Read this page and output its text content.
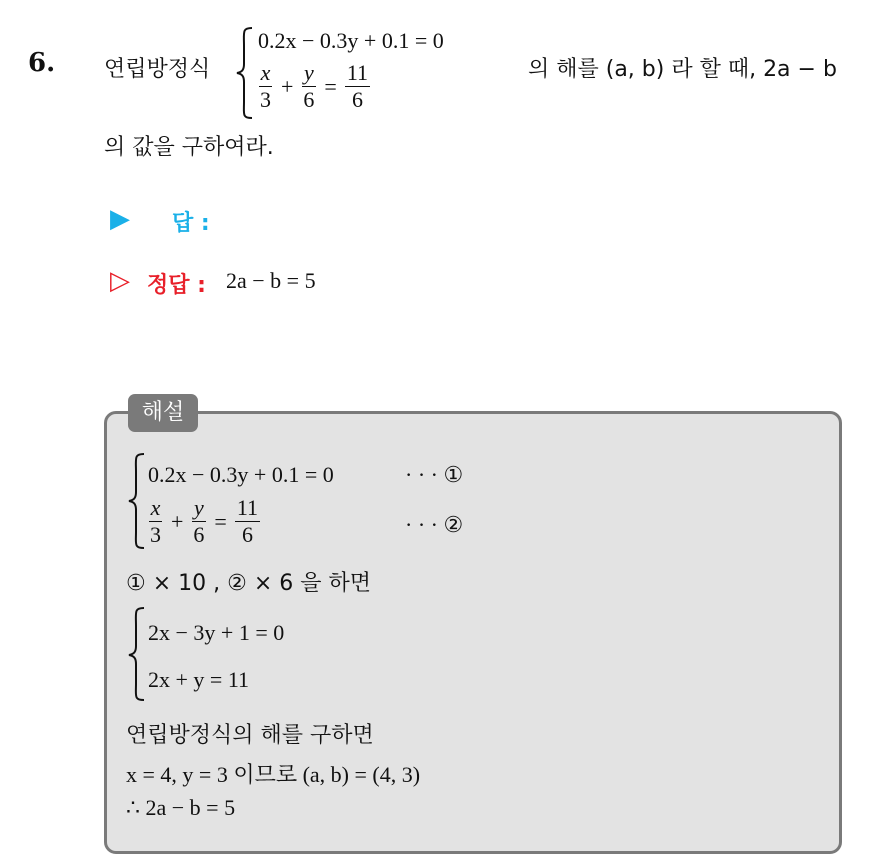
6. 연립방정식
0.2x − 0.3y + 0.1 = 0
$\frac{x}{3} + \frac{y}{6} = \frac{11}{6}$	의 해를 (a, b) 라 할 때, 2a − b
의 값을 구하여라.
▶ 답 :
▷ 정답 : 2a − b = 5
해설
0.2x − 0.3y + 0.1 = 0	· · · ①
$\frac{x}{3} + \frac{y}{6} = \frac{11}{6}$	· · · ②
① × 10 , ② × 6 을 하면
2x − 3y + 1 = 0
2x + y = 11
연립방정식의 해를 구하면
x = 4, y = 3 이므로 (a, b) = (4, 3)
∴ 2a − b = 5
